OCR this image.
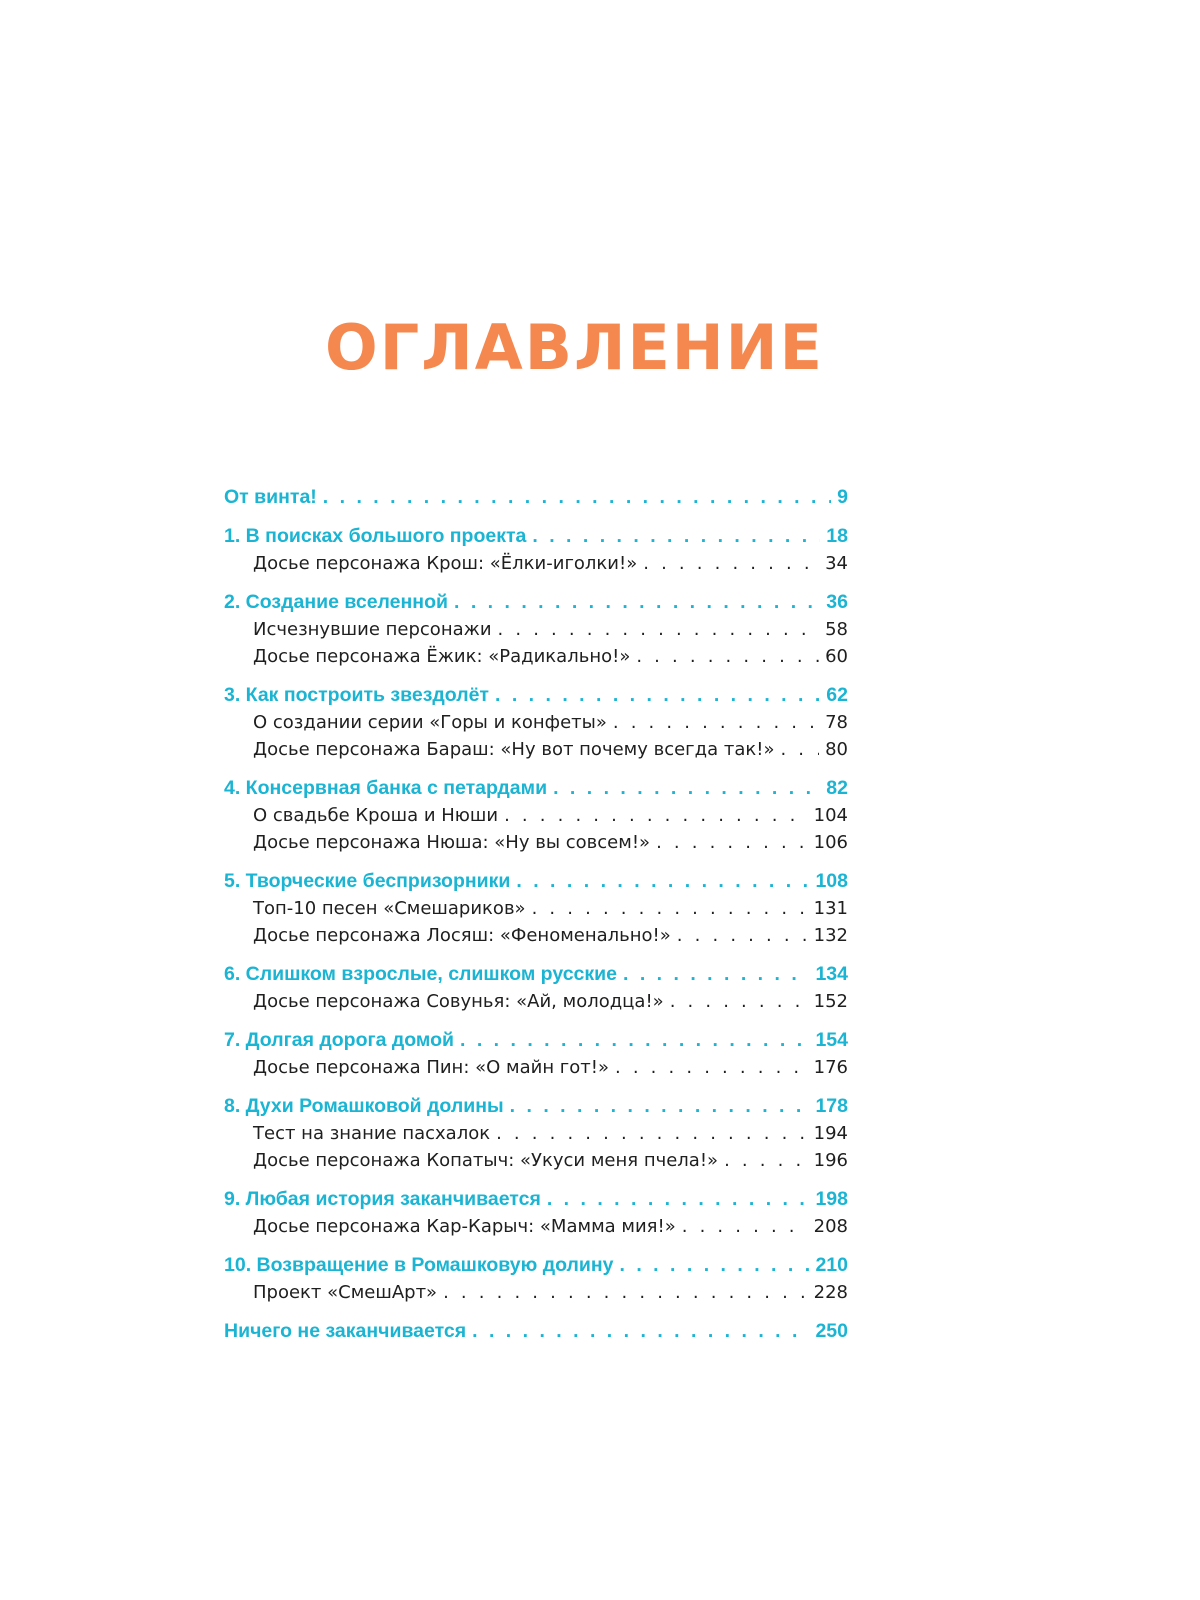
ОГЛАВЛЕНИЕ
От винта! . . .	9
1. В поисках большого проекта . . .	18
Досье персонажа Крош: «Ёлки-иголки!» . . .	34
2. Создание вселенной . . .	36
Исчезнувшие персонажи . . .	58
Досье персонажа Ёжик: «Радикально!» . . .	60
3. Как построить звездолёт . . .	62
О создании серии «Горы и конфеты» . . .	78
Досье персонажа Бараш: «Ну вот почему всегда так!» . . .	80
4. Консервная банка с петардами . . .	82
О свадьбе Кроша и Нюши . . .	104
Досье персонажа Нюша: «Ну вы совсем!» . . .	106
5. Творческие беспризорники . . .	108
Топ-10 песен «Смешариков» . . .	131
Досье персонажа Лосяш: «Феноменально!» . . .	132
6. Слишком взрослые, слишком русские . . .	134
Досье персонажа Совунья: «Ай, молодца!» . . .	152
7. Долгая дорога домой . . .	154
Досье персонажа Пин: «О майн гот!» . . .	176
8. Духи Ромашковой долины . . .	178
Тест на знание пасхалок . . .	194
Досье персонажа Копатыч: «Укуси меня пчела!» . . .	196
9. Любая история заканчивается . . .	198
Досье персонажа Кар-Карыч: «Мамма мия!» . . .	208
10. Возвращение в Ромашковую долину . . .	210
Проект «СмешАрт» . . .	228
Ничего не заканчивается . . .	250
